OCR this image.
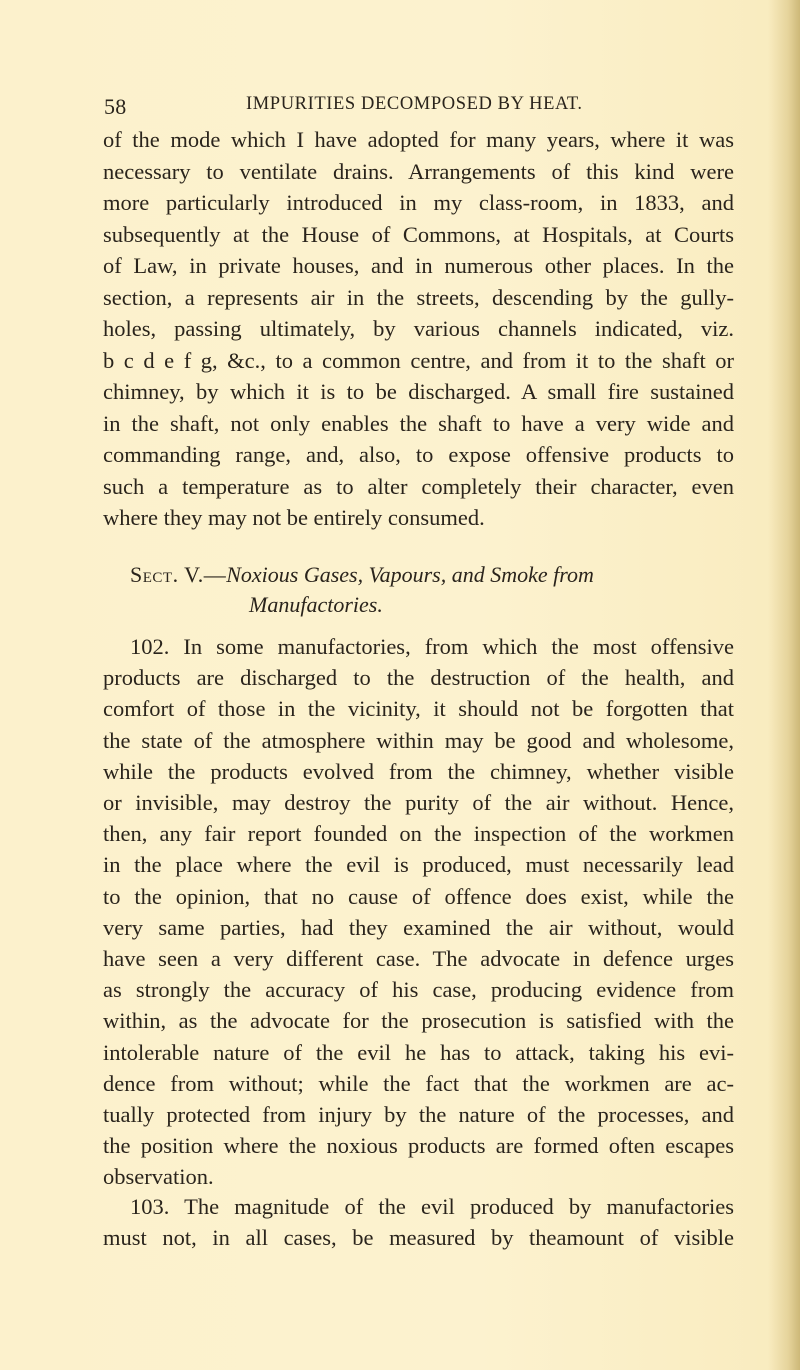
58	IMPURITIES DECOMPOSED BY HEAT.
Sect. V.—Noxious Gases, Vapours, and Smoke from
Manufactories.
of the mode which I have adopted for many years, where it was
necessary to ventilate drains. Arrangements of this kind were
more particularly introduced in my class-room, in 1833, and
subsequently at the House of Commons, at Hospitals, at Courts
of Law, in private houses, and in numerous other places. In the
section, a represents air in the streets, descending by the gully-
holes, passing ultimately, by various channels indicated, viz.
b c d e f g, &c., to a common centre, and from it to the shaft or
chimney, by which it is to be discharged. A small fire sustained
in the shaft, not only enables the shaft to have a very wide and
commanding range, and, also, to expose offensive products to
such a temperature as to alter completely their character, even
where they may not be entirely consumed.
102. In some manufactories, from which the most offensive
products are discharged to the destruction of the health, and
comfort of those in the vicinity, it should not be forgotten that
the state of the atmosphere within may be good and wholesome,
while the products evolved from the chimney, whether visible
or invisible, may destroy the purity of the air without. Hence,
then, any fair report founded on the inspection of the workmen
in the place where the evil is produced, must necessarily lead
to the opinion, that no cause of offence does exist, while the
very same parties, had they examined the air without, would
have seen a very different case. The advocate in defence urges
as strongly the accuracy of his case, producing evidence from
within, as the advocate for the prosecution is satisfied with the
intolerable nature of the evil he has to attack, taking his evi-
dence from without; while the fact that the workmen are ac-
tually protected from injury by the nature of the processes, and
the position where the noxious products are formed often escapes
observation.
103. The magnitude of the evil produced by manufactories
must not, in all cases, be measured by theamount of visible
